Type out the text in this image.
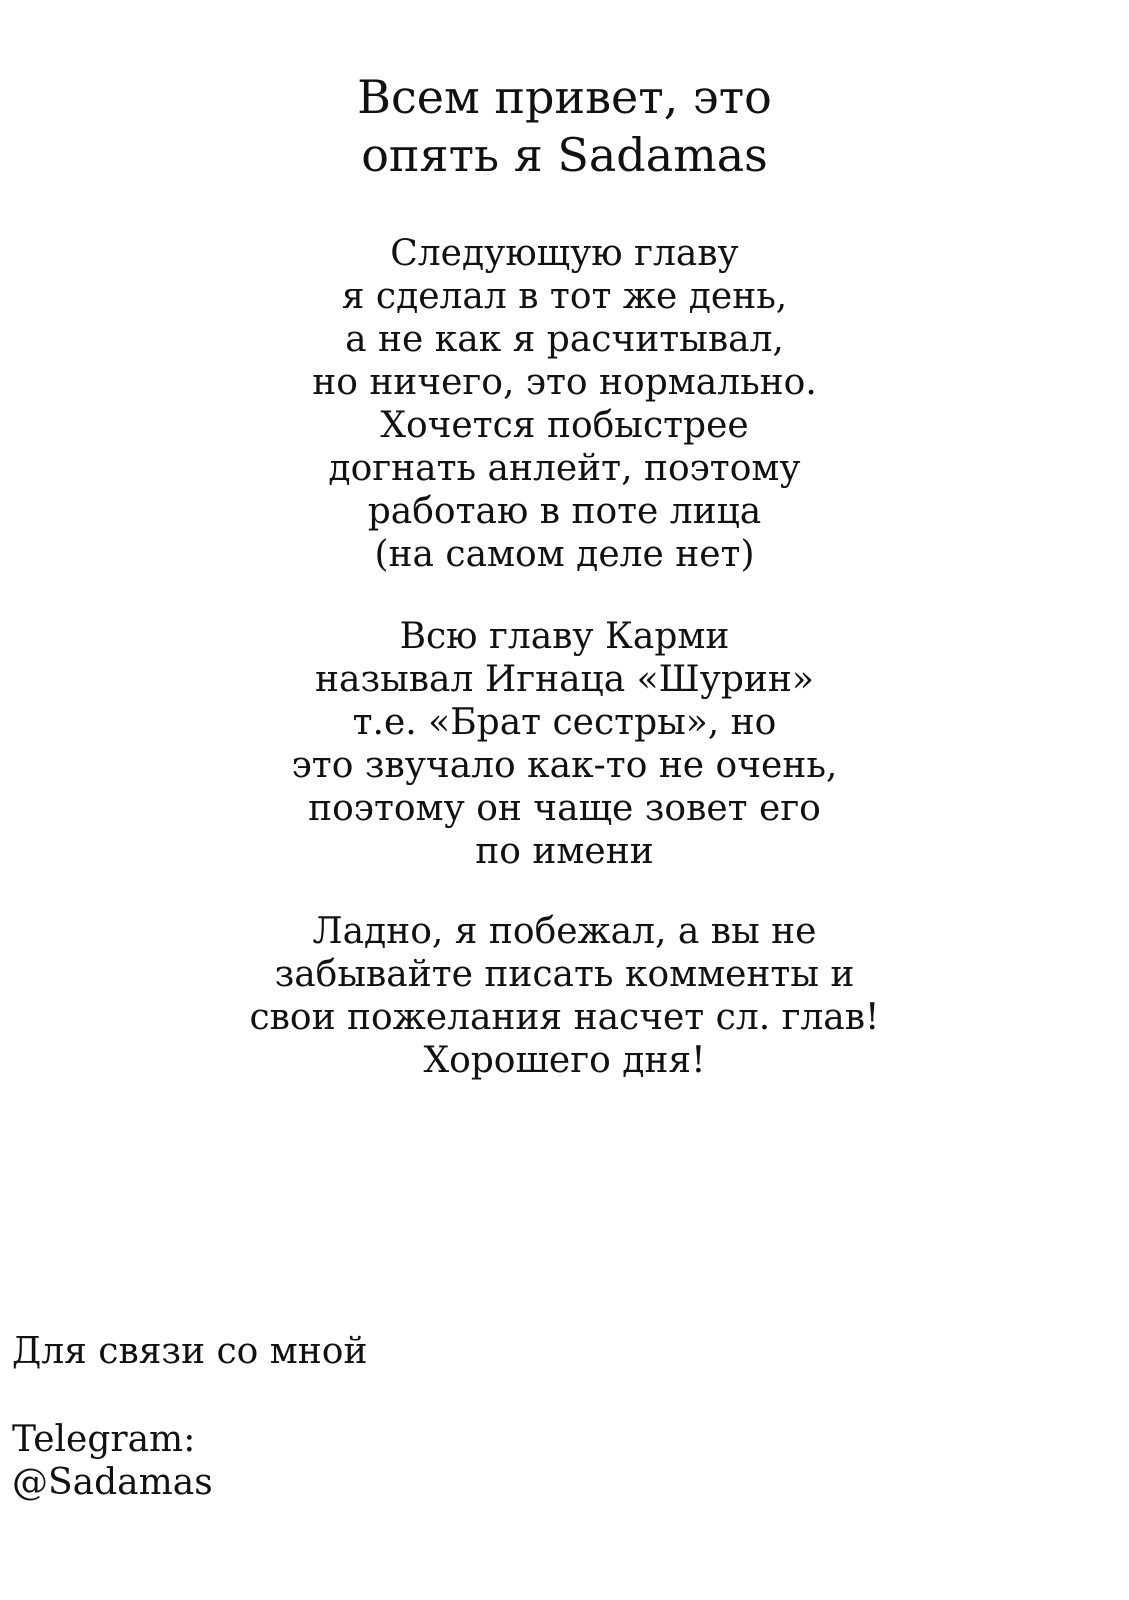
Всем привет, это
опять я Sadamas
Следующую главу
я сделал в тот же день,
а не как я расчитывал,
но ничего, это нормально.
Хочется побыстрее
догнать анлейт, поэтому
работаю в поте лица
(на самом деле нет)
Всю главу Карми
называл Игнаца «Шурин»
т.е. «Брат сестры», но
это звучало как-то не очень,
поэтому он чаще зовет его
по имени
Ладно, я побежал, а вы не
забывайте писать комменты и
свои пожелания насчет сл. глав!
Хорошего дня!
Для связи со мной
Telegram:
@Sadamas
